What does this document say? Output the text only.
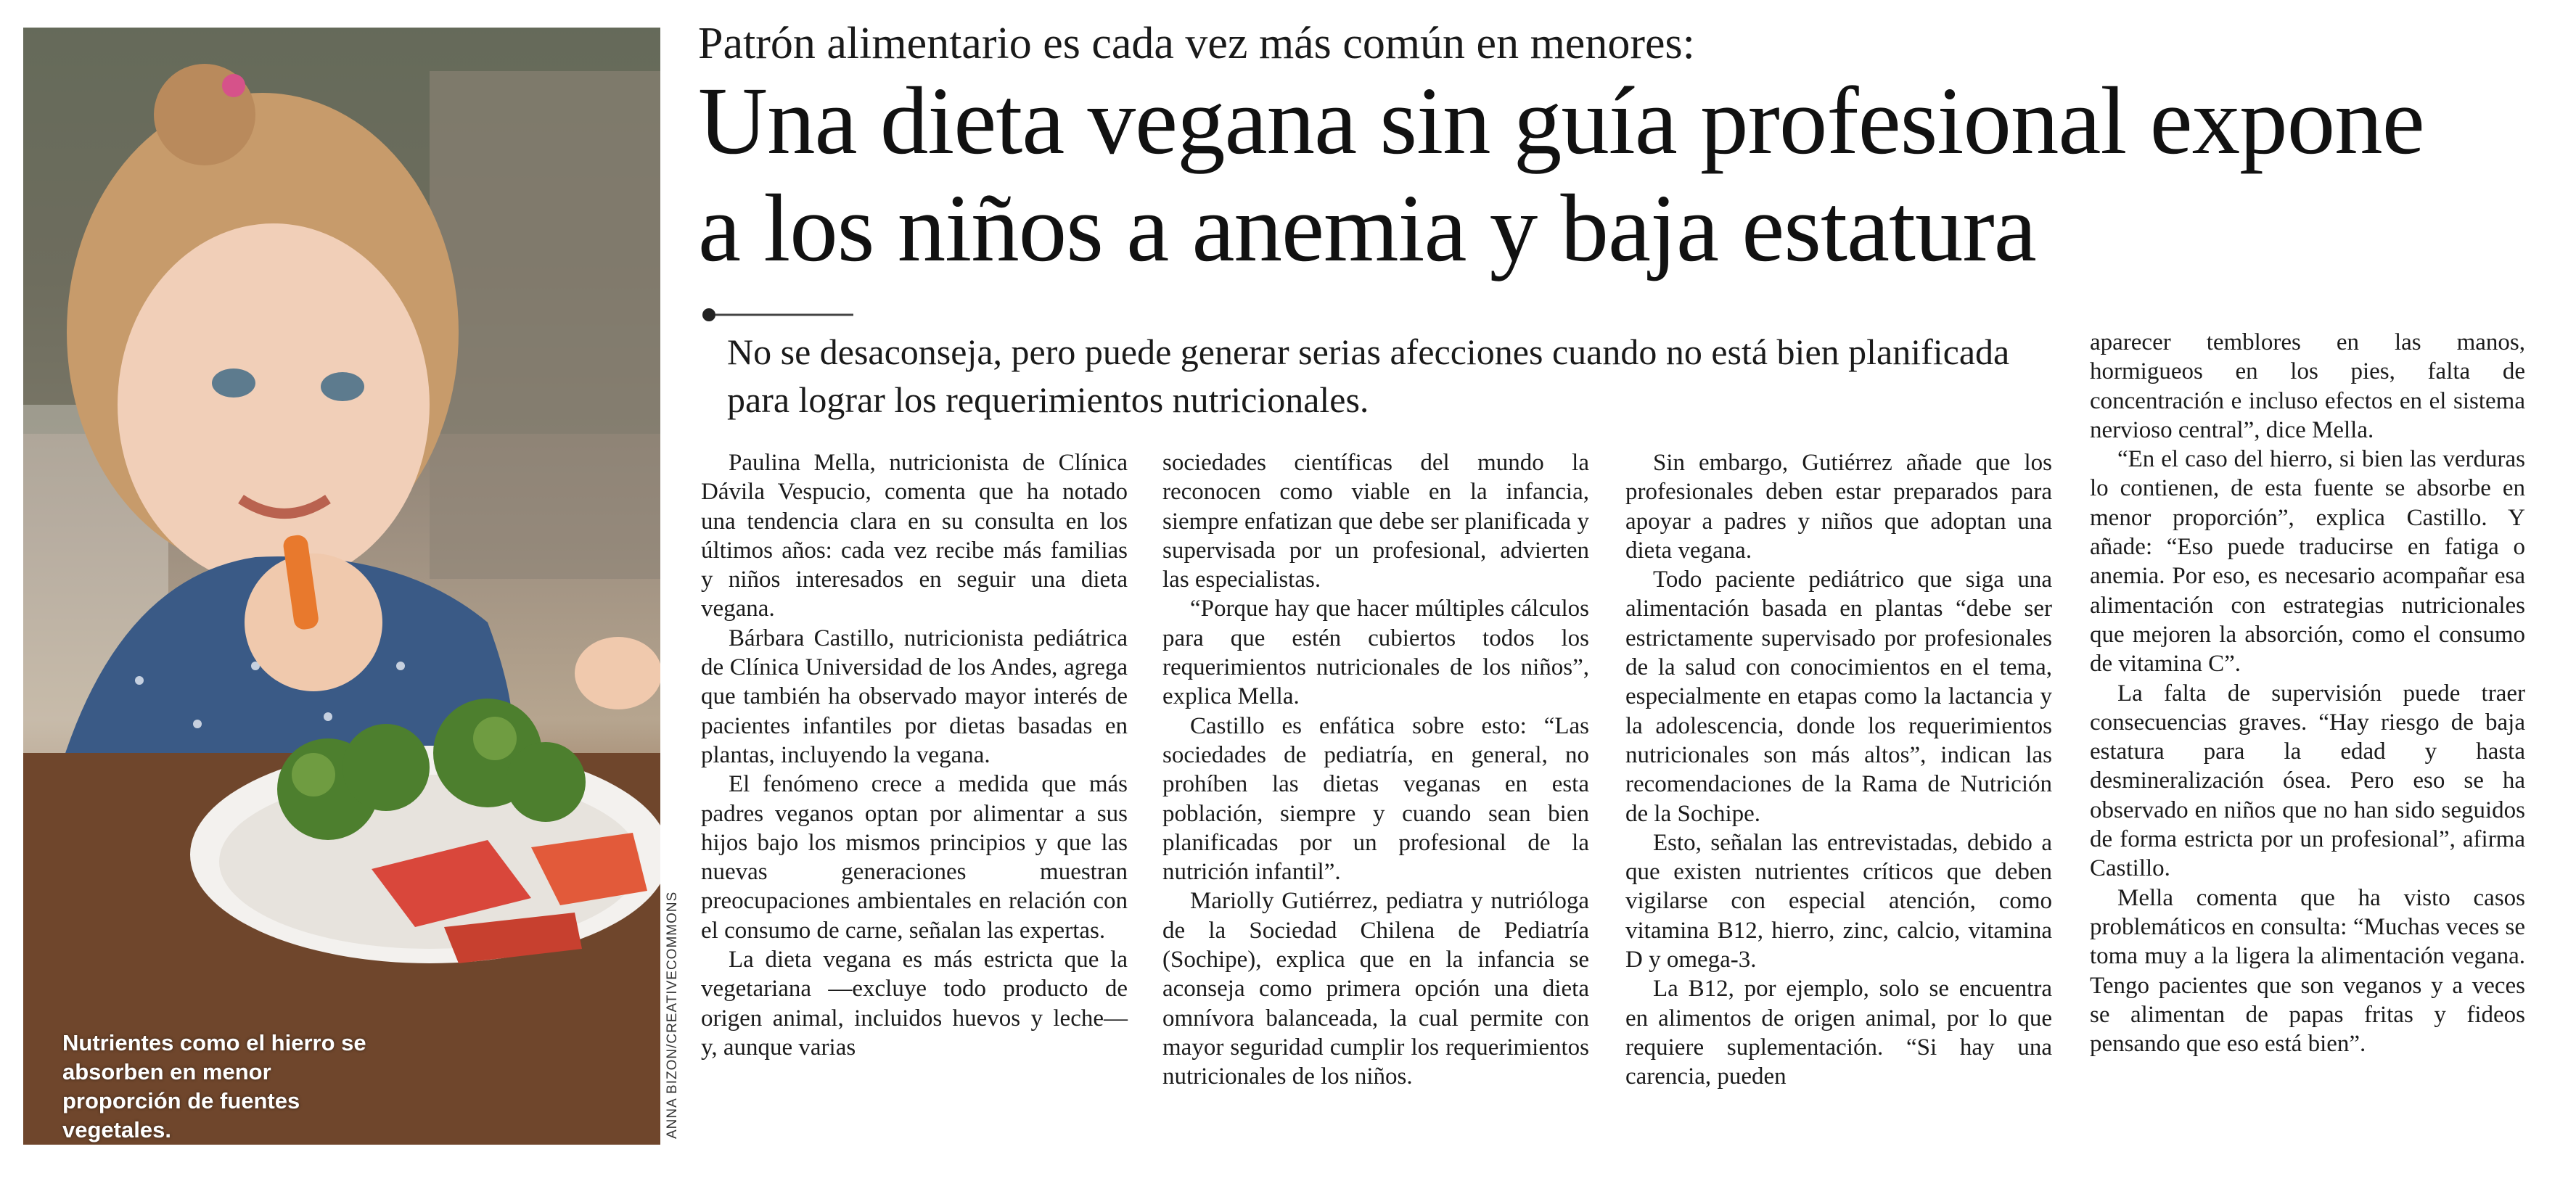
Nutrientes como el hierro se absorben en menor proporción de fuentes vegetales.	ANNA BIZON/CREATIVECOMMONS
Patrón alimentario es cada vez más común en menores:
Una dieta vegana sin guía profesional expone a los niños a anemia y baja estatura
No se desaconseja, pero puede generar serias afecciones cuando no está bien planificada para lograr los requerimientos nutricionales.

Paulina Mella, nutricionista de Clínica Dávila Vespucio, comenta que ha notado una tendencia clara en su consulta en los últimos años: cada vez recibe más familias y niños interesados en seguir una dieta vegana.

Bárbara Castillo, nutricionista pediátrica de Clínica Universidad de los Andes, agrega que también ha observado mayor interés de pacientes infantiles por dietas basadas en plantas, incluyendo la vegana.

El fenómeno crece a medida que más padres veganos optan por alimentar a sus hijos bajo los mismos principios y que las nuevas generaciones muestran preocupaciones ambientales en relación con el consumo de carne, señalan las expertas.

La dieta vegana es más estricta que la vegetariana —excluye todo producto de origen animal, incluidos huevos y leche— y, aunque varias

sociedades científicas del mundo la reconocen como viable en la infancia, siempre enfatizan que debe ser planificada y supervisada por un profesional, advierten las especialistas.

“Porque hay que hacer múltiples cálculos para que estén cubiertos todos los requerimientos nutricionales de los niños”, explica Mella.

Castillo es enfática sobre esto: “Las sociedades de pediatría, en general, no prohíben las dietas veganas en esta población, siempre y cuando sean bien planificadas por un profesional de la nutrición infantil”.

Mariolly Gutiérrez, pediatra y nutrióloga de la Sociedad Chilena de Pediatría (Sochipe), explica que en la infancia se aconseja como primera opción una dieta omnívora balanceada, la cual permite con mayor seguridad cumplir los requerimientos nutricionales de los niños.

Sin embargo, Gutiérrez añade que los profesionales deben estar preparados para apoyar a padres y niños que adoptan una dieta vegana.

Todo paciente pediátrico que siga una alimentación basada en plantas “debe ser estrictamente supervisado por profesionales de la salud con conocimientos en el tema, especialmente en etapas como la lactancia y la adolescencia, donde los requerimientos nutricionales son más altos”, indican las recomendaciones de la Rama de Nutrición de la Sochipe.

Esto, señalan las entrevistadas, debido a que existen nutrientes críticos que deben vigilarse con especial atención, como vitamina B12, hierro, zinc, calcio, vitamina D y omega-3.

La B12, por ejemplo, solo se encuentra en alimentos de origen animal, por lo que requiere suplementación. “Si hay una carencia, pueden

aparecer temblores en las manos, hormigueos en los pies, falta de concentración e incluso efectos en el sistema nervioso central”, dice Mella.

“En el caso del hierro, si bien las verduras lo contienen, de esta fuente se absorbe en menor proporción”, explica Castillo. Y añade: “Eso puede traducirse en fatiga o anemia. Por eso, es necesario acompañar esa alimentación con estrategias nutricionales que mejoren la absorción, como el consumo de vitamina C”.

La falta de supervisión puede traer consecuencias graves. “Hay riesgo de baja estatura para la edad y hasta desmineralización ósea. Pero eso se ha observado en niños que no han sido seguidos de forma estricta por un profesional”, afirma Castillo.

Mella comenta que ha visto casos problemáticos en consulta: “Muchas veces se toma muy a la ligera la alimentación vegana. Tengo pacientes que son veganos y a veces se alimentan de papas fritas y fideos pensando que eso está bien”.
